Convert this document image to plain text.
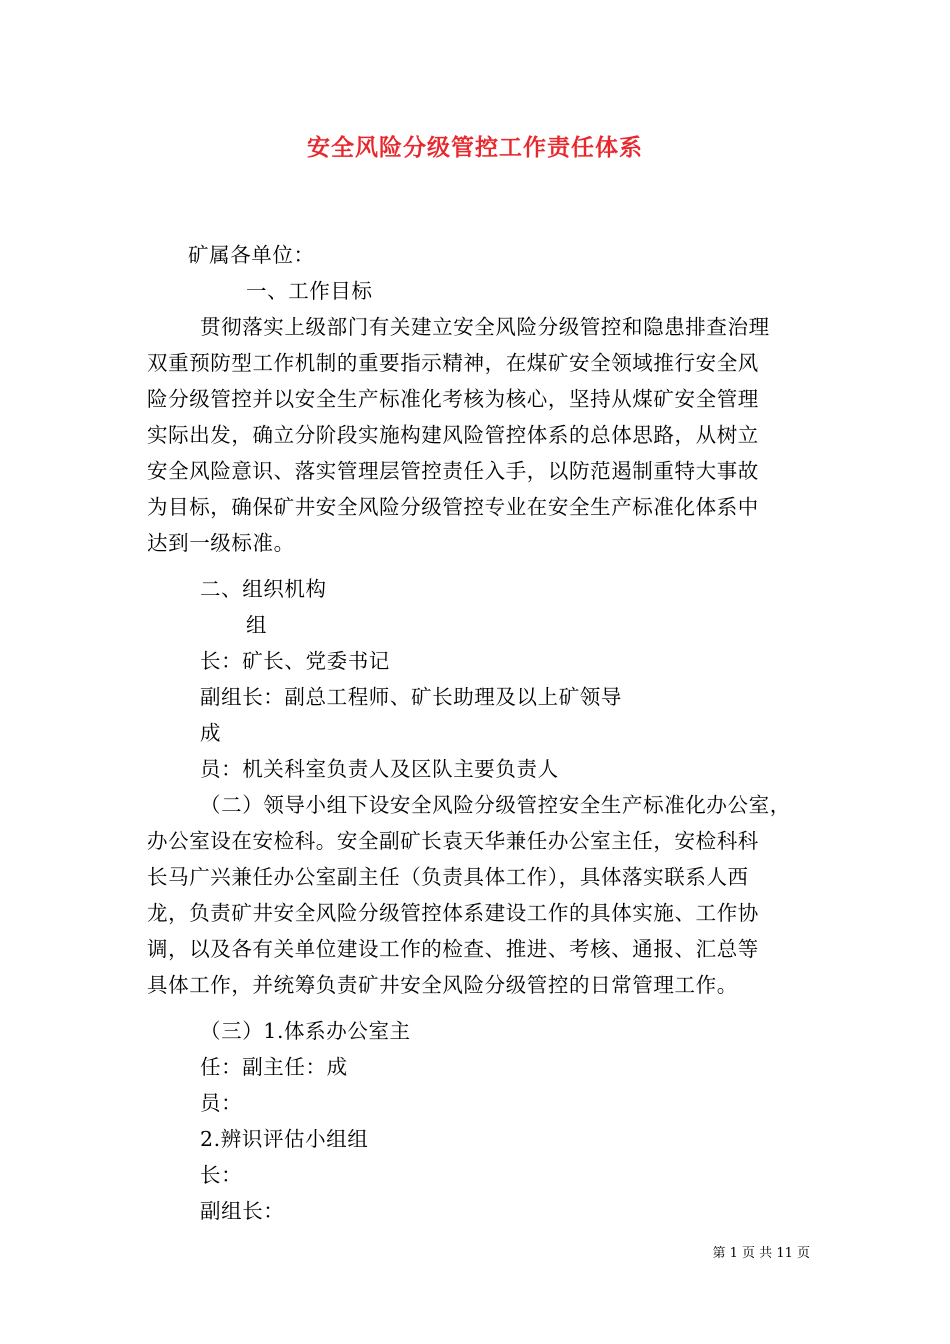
安全风险分级管控工作责任体系
矿属各单位：
一、工作目标
贯彻落实上级部门有关建立安全风险分级管控和隐患排查治理
双重预防型工作机制的重要指示精神，在煤矿安全领域推行安全风
险分级管控并以安全生产标准化考核为核心，坚持从煤矿安全管理
实际出发，确立分阶段实施构建风险管控体系的总体思路，从树立
安全风险意识、落实管理层管控责任入手，以防范遏制重特大事故
为目标，确保矿井安全风险分级管控专业在安全生产标准化体系中
达到一级标准。
二、组织机构
组
长：矿长、党委书记
副组长：副总工程师、矿长助理及以上矿领导
成
员：机关科室负责人及区队主要负责人
（二）领导小组下设安全风险分级管控安全生产标准化办公室，
办公室设在安检科。安全副矿长袁天华兼任办公室主任，安检科科
长马广兴兼任办公室副主任（负责具体工作），具体落实联系人西
龙，负责矿井安全风险分级管控体系建设工作的具体实施、工作协
调，以及各有关单位建设工作的检查、推进、考核、通报、汇总等
具体工作，并统筹负责矿井安全风险分级管控的日常管理工作。
（三）1.体系办公室主
任：副主任：成
员：
2.辨识评估小组组
长：
副组长：
第 1 页 共 11 页
